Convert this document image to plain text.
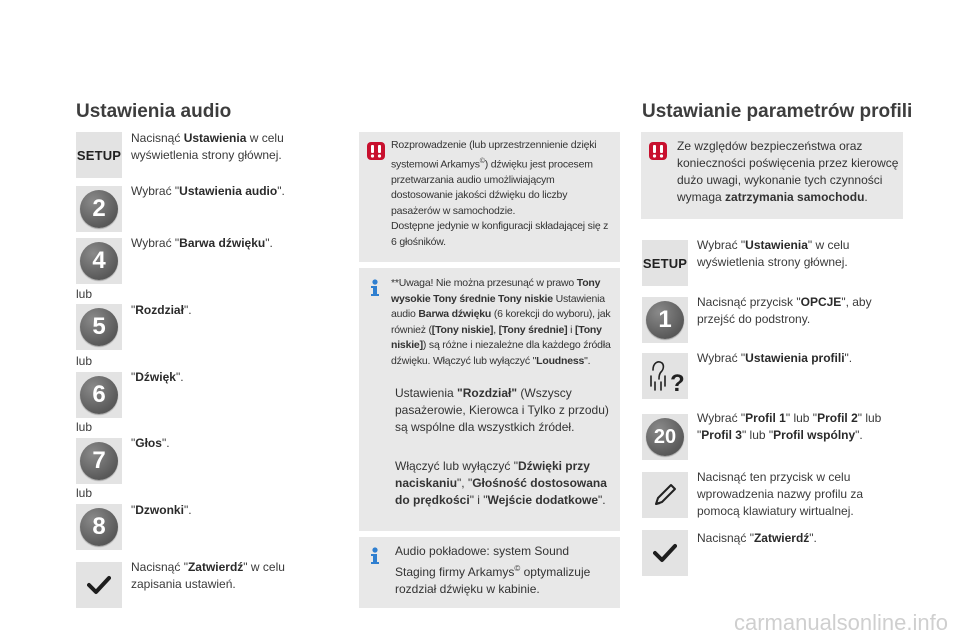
Ustawienia audio
SETUP
Nacisnąć Ustawienia w celu wyświetlenia strony głównej.
2
Wybrać "Ustawienia audio".
4
Wybrać "Barwa dźwięku".
lub
5
"Rozdział".
lub
6
"Dźwięk".
lub
7
"Głos".
lub
8
"Dzwonki".
Nacisnąć "Zatwierdź" w celu zapisania ustawień.
Rozprowadzenie (lub uprzestrzennienie dzięki systemowi Arkamys©) dźwięku jest procesem przetwarzania audio umożliwiającym dostosowanie jakości dźwięku do liczby pasażerów w samochodzie.
Dostępne jedynie w konfiguracji składającej się z 6 głośników.
**Uwaga! Nie można przesunąć w prawo Tony wysokie Tony średnie Tony niskie Ustawienia audio Barwa dźwięku (6 korekcji do wyboru), jak również ([Tony niskie], [Tony średnie] i [Tony niskie]) są różne i niezależne dla każdego źródła dźwięku. Włączyć lub wyłączyć "Loudness".
Ustawienia "Rozdział" (Wszyscy pasażerowie, Kierowca i Tylko z przodu) są wspólne dla wszystkich źródeł.
Włączyć lub wyłączyć "Dźwięki przy naciskaniu", "Głośność dostosowana do prędkości" i "Wejście dodatkowe".
Audio pokładowe: system Sound Staging firmy Arkamys© optymalizuje rozdział dźwięku w kabinie.
Ustawianie parametrów profili
Ze względów bezpieczeństwa oraz konieczności poświęcenia przez kierowcę dużo uwagi, wykonanie tych czynności wymaga zatrzymania samochodu.
SETUP
Wybrać "Ustawienia" w celu wyświetlenia strony głównej.
1
Nacisnąć przycisk "OPCJE", aby przejść do podstrony.
?
Wybrać "Ustawienia profili".
20
Wybrać "Profil 1" lub "Profil 2" lub "Profil 3" lub "Profil wspólny".
Nacisnąć ten przycisk w celu wprowadzenia nazwy profilu za pomocą klawiatury wirtualnej.
Nacisnąć "Zatwierdź".
carmanualsonline.info
